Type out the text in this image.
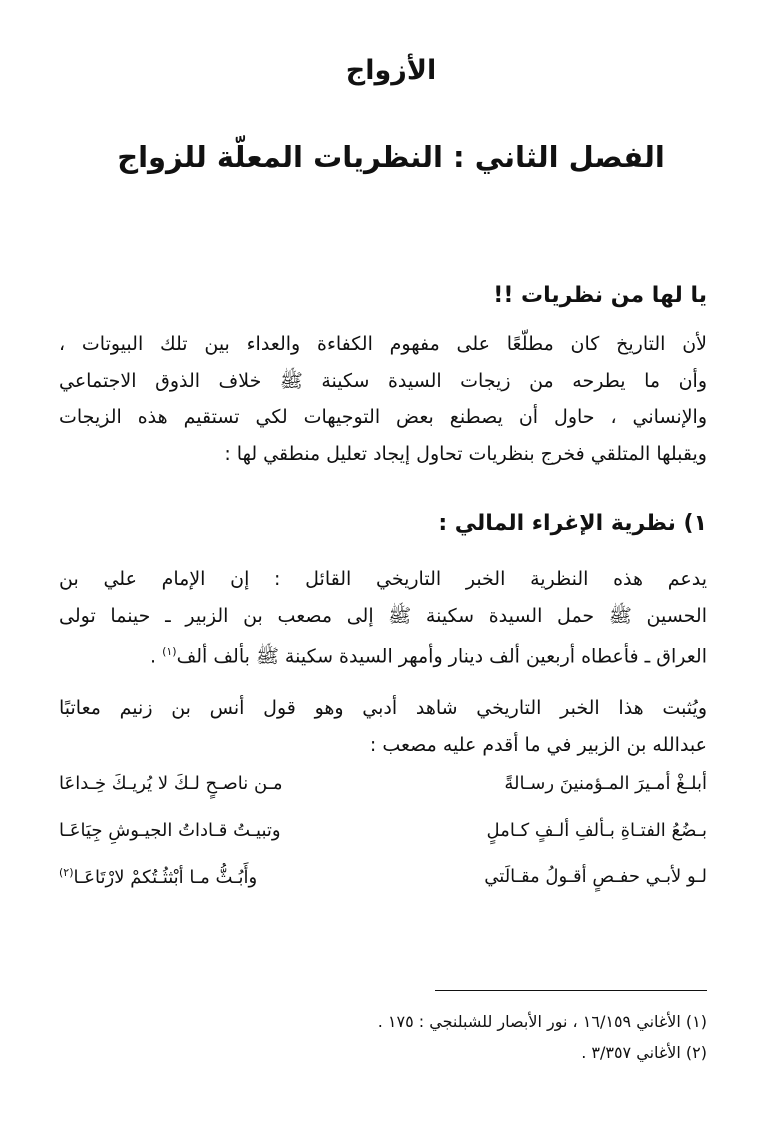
الأزواج
الفصل الثاني : النظريات المعلّة للزواج
يا لها من نظريات !!
لأن التاريخ كان مطلّعًا على مفهوم الكفاءة والعداء بين تلك البيوتات ،
وأن ما يطرحه من زيجات السيدة سكينة ﷺ خلاف الذوق الاجتماعي
والإنساني ، حاول أن يصطنع بعض التوجيهات لكي تستقيم هذه الزيجات
ويقبلها المتلقي فخرج بنظريات تحاول إيجاد تعليل منطقي لها :
١) نظرية الإغراء المالي :
يدعم هذه النظرية الخبر التاريخي القائل : إن الإمام علي بن
الحسين ﷺ حمل السيدة سكينة ﷺ إلى مصعب بن الزبير ـ حينما تولى
العراق ـ فأعطاه أربعين ألف دينار وأمهر السيدة سكينة ﷺ بألف ألف$^{(١)}$ .
ويُثبت هذا الخبر التاريخي شاهد أدبي وهو قول أنس بن زنيم معاتبًا
عبدالله بن الزبير في ما أقدم عليه مصعب :
أبلـغْ أمـيرَ المـؤمنينَ رسـالةً
مـن ناصـحٍ لـكَ لا يُريـكَ خِـداعَا
بـضُعُ الفتـاةِ بـألفِ ألـفٍ كـاملٍ
وتبيـتُ قـاداتُ الجيـوشِ جِيَاعَـا
لـو لأبـي حفـصٍ أقـولُ مقـالَتي
وأَبُـثُّ مـا أبْثثُـتُكمْ لارْتَاعَـا$^{(٢)}$
(١) الأغاني ١٦/١٥٩ ، نور الأبصار للشبلنجي : ١٧٥ .
(٢) الأغاني ٣/٣٥٧ .
